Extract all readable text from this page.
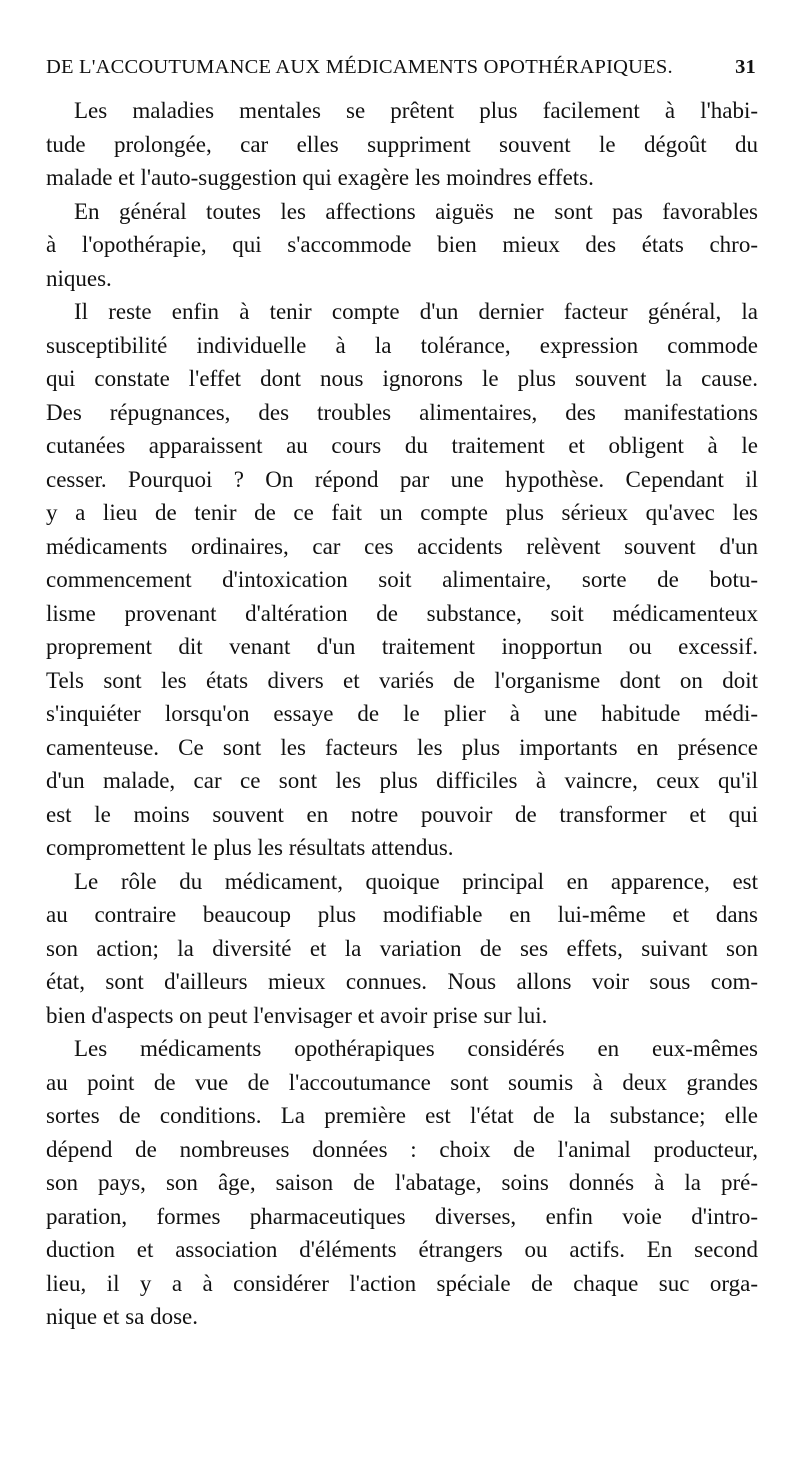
DE L'ACCOUTUMANCE AUX MÉDICAMENTS OPOTHÉRAPIQUES.	31

Les maladies mentales se prêtent plus facilement à l'habi-
tude prolongée, car elles suppriment souvent le dégoût du
malade et l'auto-suggestion qui exagère les moindres effets.

En général toutes les affections aiguës ne sont pas favorables
à l'opothérapie, qui s'accommode bien mieux des états chro-
niques.

Il reste enfin à tenir compte d'un dernier facteur général, la
susceptibilité individuelle à la tolérance, expression commode
qui constate l'effet dont nous ignorons le plus souvent la cause.
Des répugnances, des troubles alimentaires, des manifestations
cutanées apparaissent au cours du traitement et obligent à le
cesser. Pourquoi ? On répond par une hypothèse. Cependant il
y a lieu de tenir de ce fait un compte plus sérieux qu'avec les
médicaments ordinaires, car ces accidents relèvent souvent d'un
commencement d'intoxication soit alimentaire, sorte de botu-
lisme provenant d'altération de substance, soit médicamenteux
proprement dit venant d'un traitement inopportun ou excessif.
Tels sont les états divers et variés de l'organisme dont on doit
s'inquiéter lorsqu'on essaye de le plier à une habitude médi-
camenteuse. Ce sont les facteurs les plus importants en présence
d'un malade, car ce sont les plus difficiles à vaincre, ceux qu'il
est le moins souvent en notre pouvoir de transformer et qui
compromettent le plus les résultats attendus.

Le rôle du médicament, quoique principal en apparence, est
au contraire beaucoup plus modifiable en lui-même et dans
son action; la diversité et la variation de ses effets, suivant son
état, sont d'ailleurs mieux connues. Nous allons voir sous com-
bien d'aspects on peut l'envisager et avoir prise sur lui.

Les médicaments opothérapiques considérés en eux-mêmes
au point de vue de l'accoutumance sont soumis à deux grandes
sortes de conditions. La première est l'état de la substance; elle
dépend de nombreuses données : choix de l'animal producteur,
son pays, son âge, saison de l'abatage, soins donnés à la pré-
paration, formes pharmaceutiques diverses, enfin voie d'intro-
duction et association d'éléments étrangers ou actifs. En second
lieu, il y a à considérer l'action spéciale de chaque suc orga-
nique et sa dose.
